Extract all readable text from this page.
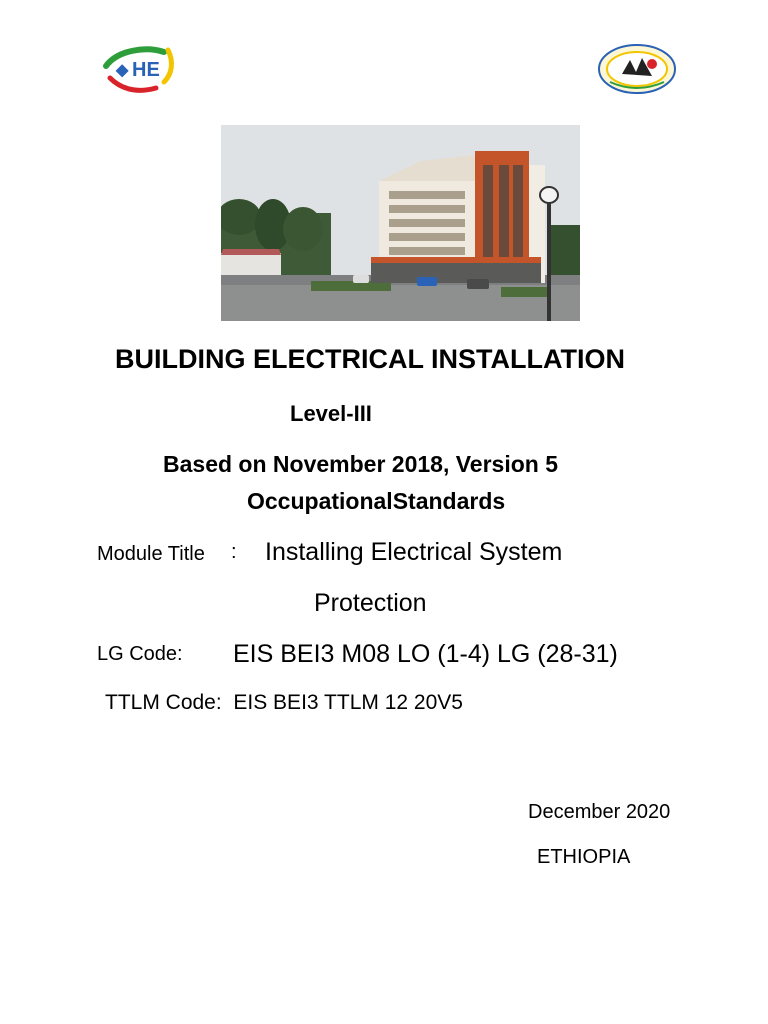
◆ HE
BUILDING ELECTRICAL INSTALLATION
Level-III
Based on November 2018, Version 5
OccupationalStandards
Module Title : Installing Electrical System
Protection
LG Code: EIS BEI3 M08 LO (1-4) LG (28-31)
TTLM Code:  EIS BEI3 TTLM 12 20V5
December 2020
ETHIOPIA
